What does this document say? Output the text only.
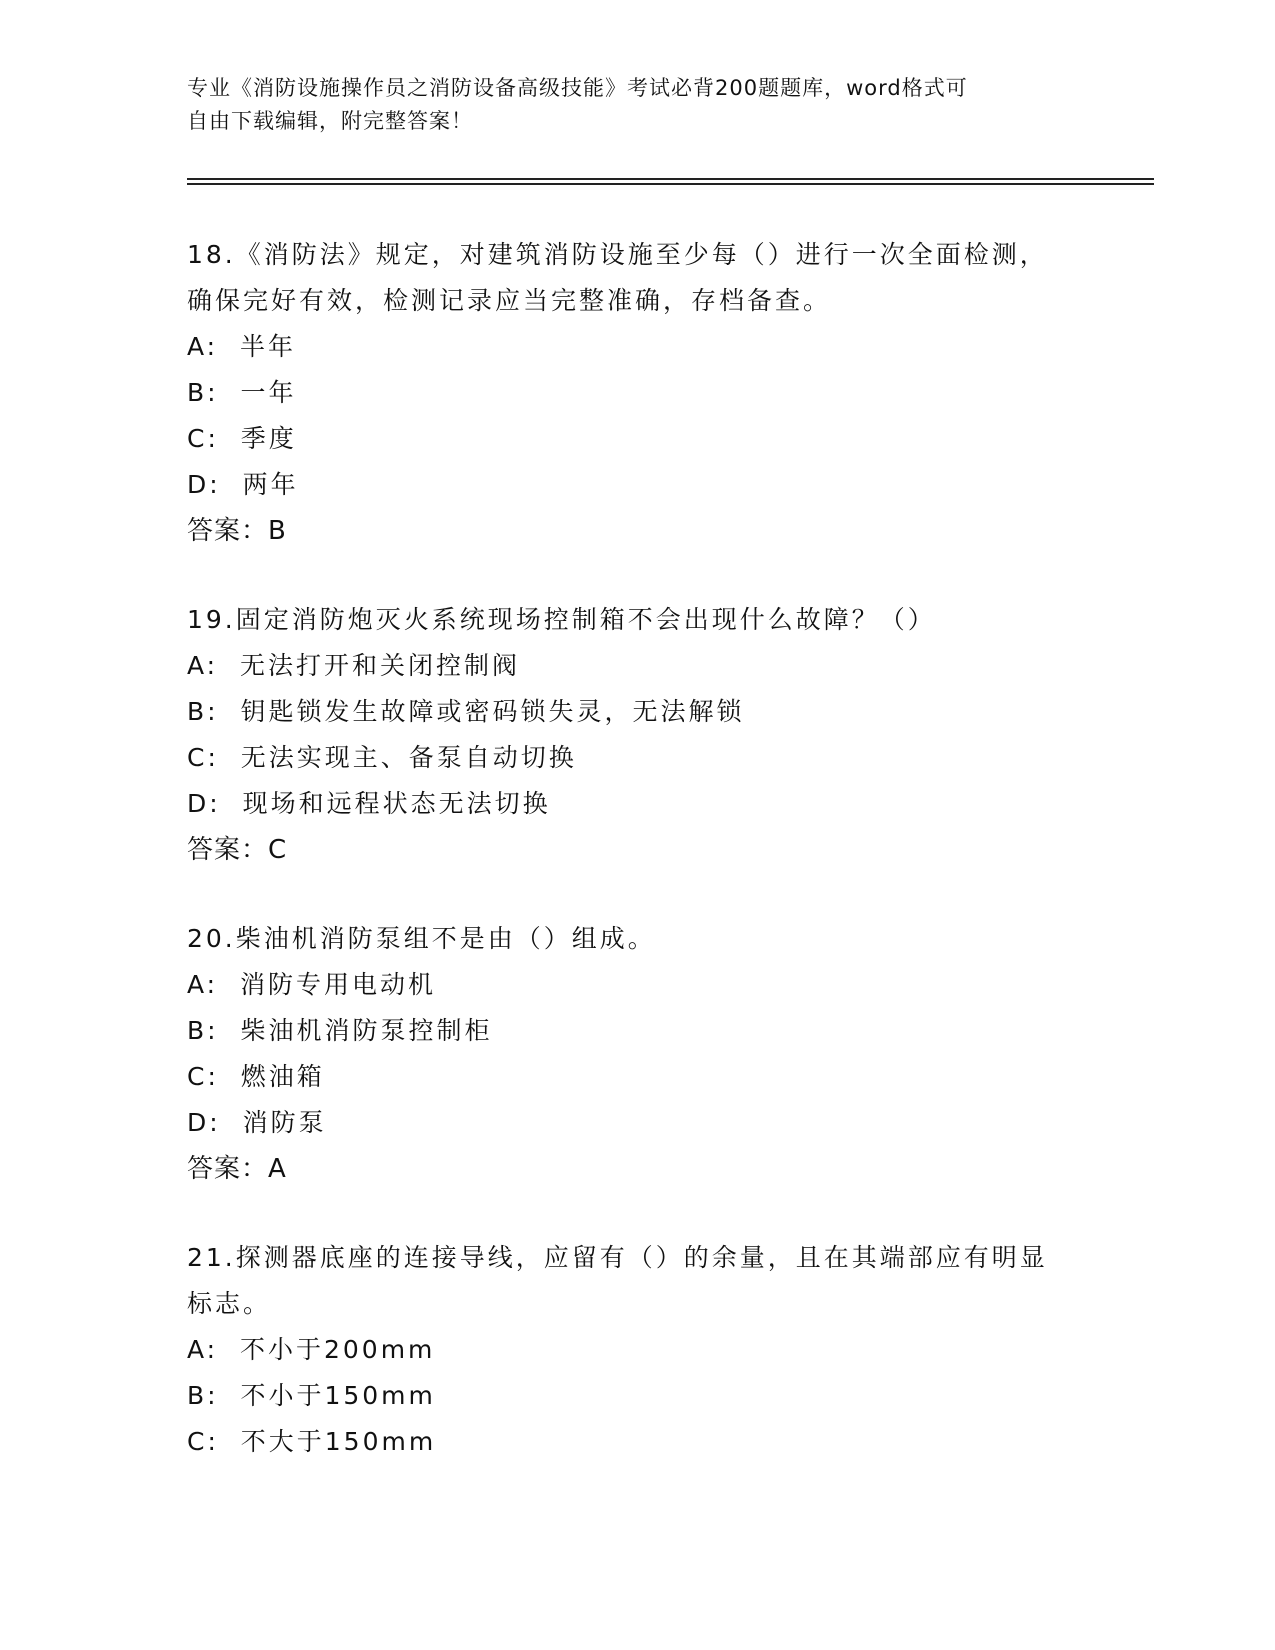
专业《消防设施操作员之消防设备高级技能》考试必背200题题库，word格式可
自由下载编辑，附完整答案！
18.《消防法》规定，对建筑消防设施至少每（）进行一次全面检测，
确保完好有效，检测记录应当完整准确，存档备查。
A:  半年
B:  一年
C:  季度
D:  两年
答案：B
19.固定消防炮灭火系统现场控制箱不会出现什么故障？（）
A:  无法打开和关闭控制阀
B:  钥匙锁发生故障或密码锁失灵，无法解锁
C:  无法实现主、备泵自动切换
D:  现场和远程状态无法切换
答案：C
20.柴油机消防泵组不是由（）组成。
A:  消防专用电动机
B:  柴油机消防泵控制柜
C:  燃油箱
D:  消防泵
答案：A
21.探测器底座的连接导线，应留有（）的余量，且在其端部应有明显
标志。
A:  不小于200mm
B:  不小于150mm
C:  不大于150mm
